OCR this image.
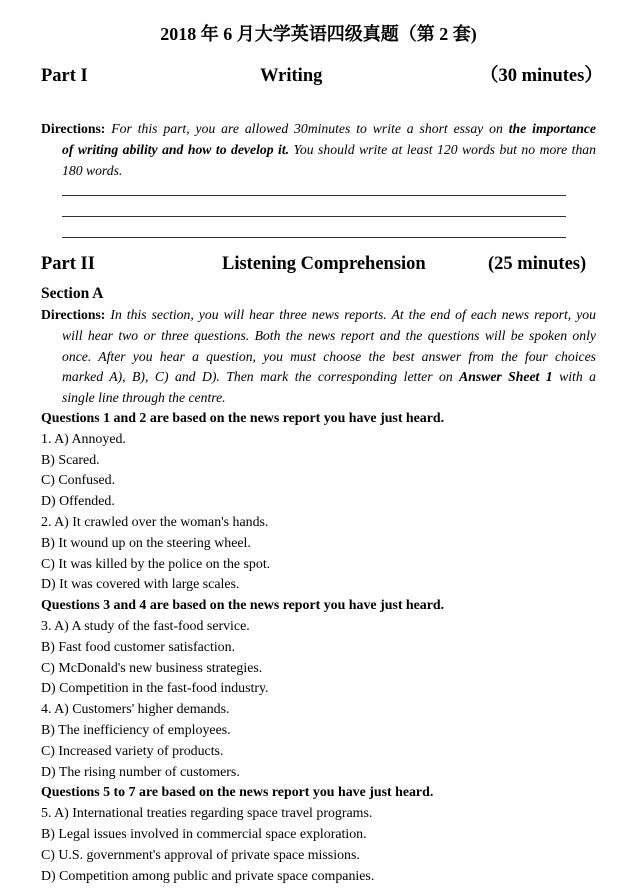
2018 年 6 月大学英语四级真题（第 2 套)
Part I	Writing	（30 minutes）
Directions: For this part, you are allowed 30minutes to write a short essay on the importance
of writing ability and how to develop it. You should write at least 120 words but no more than
180 words.
Part II	Listening Comprehension	(25 minutes)
Section A
Directions: In this section, you will hear three news reports. At the end of each news report, you
will hear two or three questions. Both the news report and the questions will be spoken only
once. After you hear a question, you must choose the best answer from the four choices
marked A), B), C) and D). Then mark the corresponding letter on Answer Sheet 1 with a
single line through the centre.
Questions 1 and 2 are based on the news report you have just heard.
1. A) Annoyed.
B) Scared.
C) Confused.
D) Offended.
2. A) It crawled over the woman's hands.
B) It wound up on the steering wheel.
C) It was killed by the police on the spot.
D) It was covered with large scales.
Questions 3 and 4 are based on the news report you have just heard.
3. A) A study of the fast-food service.
B) Fast food customer satisfaction.
C) McDonald's new business strategies.
D) Competition in the fast-food industry.
4. A) Customers' higher demands.
B) The inefficiency of employees.
C) Increased variety of products.
D) The rising number of customers.
Questions 5 to 7 are based on the news report you have just heard.
5. A) International treaties regarding space travel programs.
B) Legal issues involved in commercial space exploration.
C) U.S. government's approval of private space missions.
D) Competition among public and private space companies.
